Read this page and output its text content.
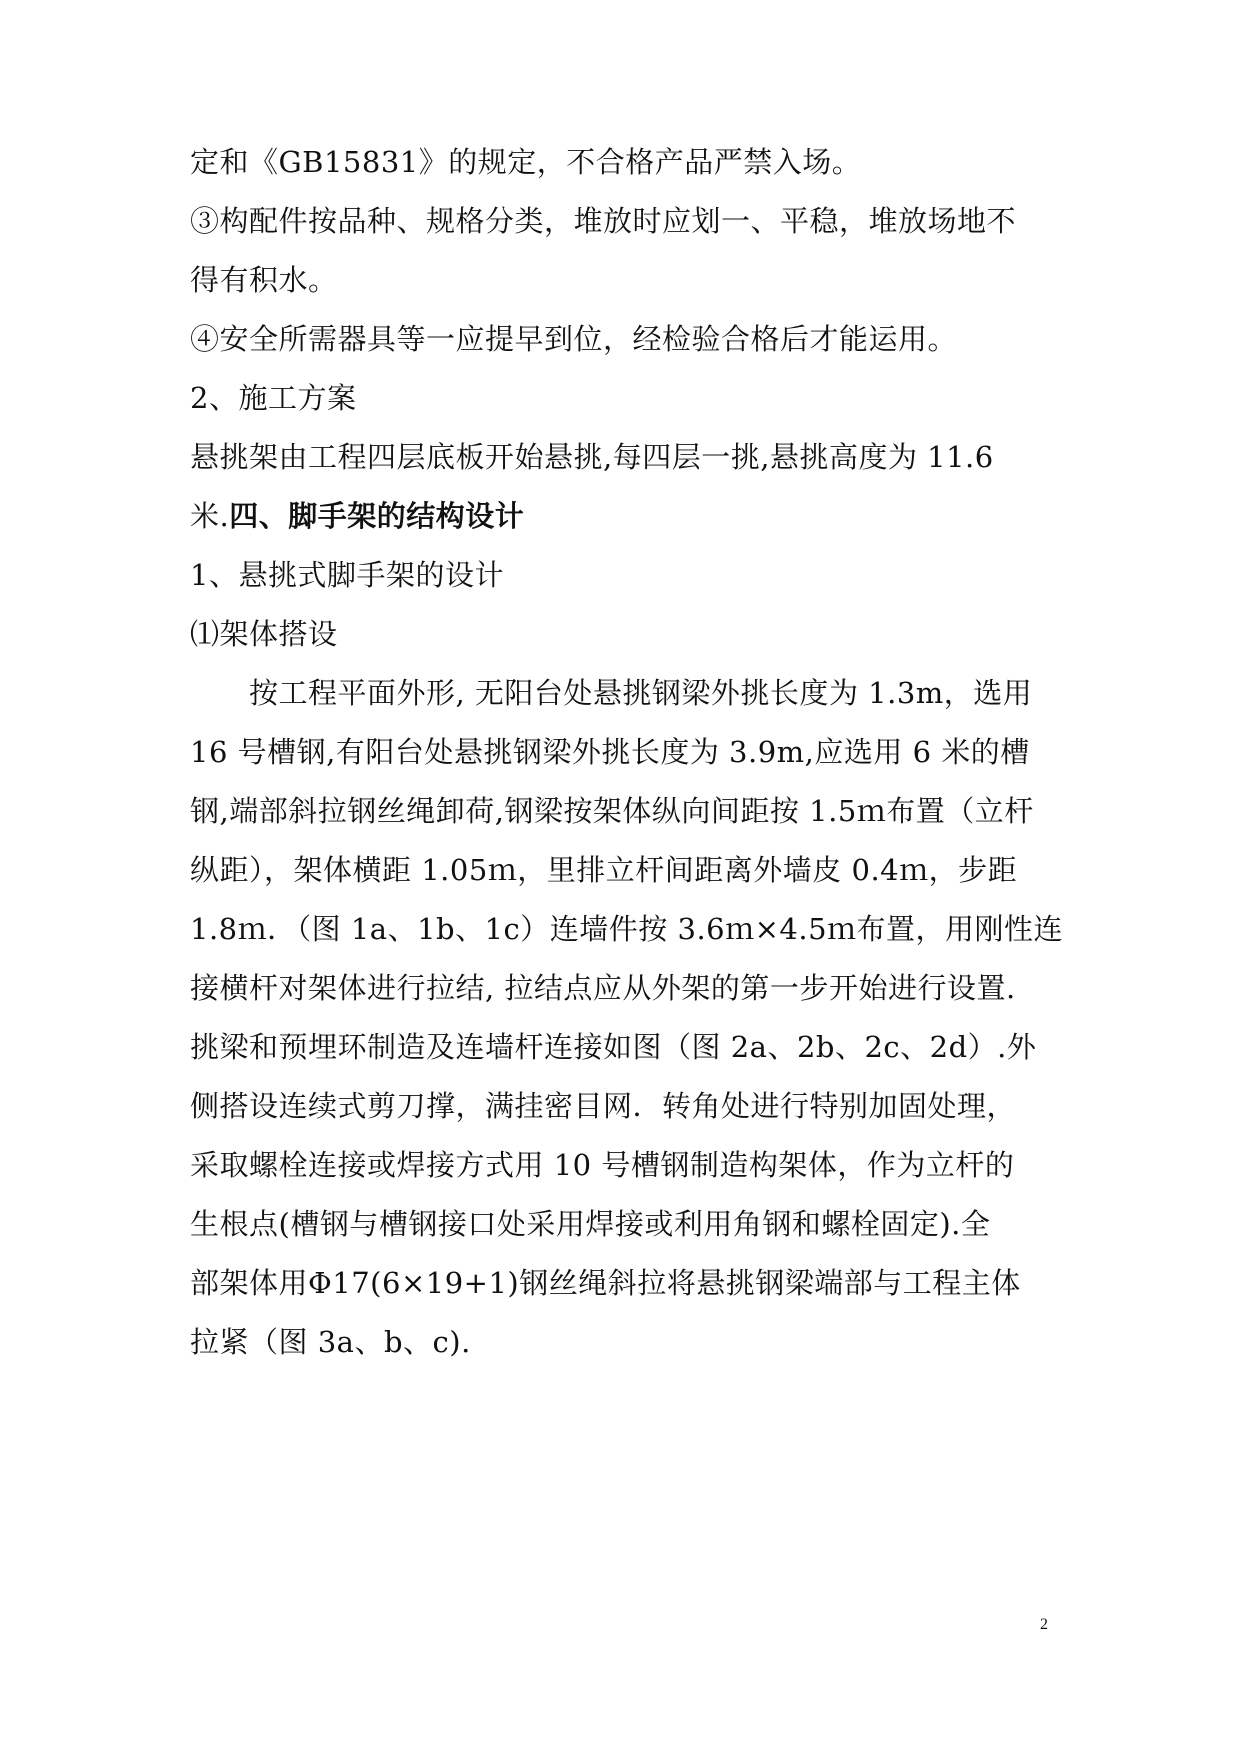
定和《GB15831》的规定，不合格产品严禁入场。
③构配件按品种、规格分类，堆放时应划一、平稳，堆放场地不
得有积水。
④安全所需器具等一应提早到位，经检验合格后才能运用。
2、施工方案
悬挑架由工程四层底板开始悬挑,每四层一挑,悬挑高度为 11.6
米.四、脚手架的结构设计
1、悬挑式脚手架的设计
⑴架体搭设
　　按工程平面外形, 无阳台处悬挑钢梁外挑长度为 1.3m，选用
16 号槽钢,有阳台处悬挑钢梁外挑长度为 3.9m,应选用 6 米的槽
钢,端部斜拉钢丝绳卸荷,钢梁按架体纵向间距按 1.5ｍ布置（立杆
纵距），架体横距 1.05ｍ，里排立杆间距离外墙皮 0.4ｍ，步距
1.8ｍ．（图 1a、1b、1c）连墙件按 3.6ｍ×4.5ｍ布置，用刚性连
接横杆对架体进行拉结, 拉结点应从外架的第一步开始进行设置.
挑梁和预埋环制造及连墙杆连接如图（图 2a、2b、2c、2d）.外
侧搭设连续式剪刀撑，满挂密目网．转角处进行特别加固处理，
采取螺栓连接或焊接方式用 10 号槽钢制造构架体，作为立杆的
生根点(槽钢与槽钢接口处采用焊接或利用角钢和螺栓固定).全
部架体用Φ17(6×19+1)钢丝绳斜拉将悬挑钢梁端部与工程主体
拉紧（图 3a、b、c).
2
